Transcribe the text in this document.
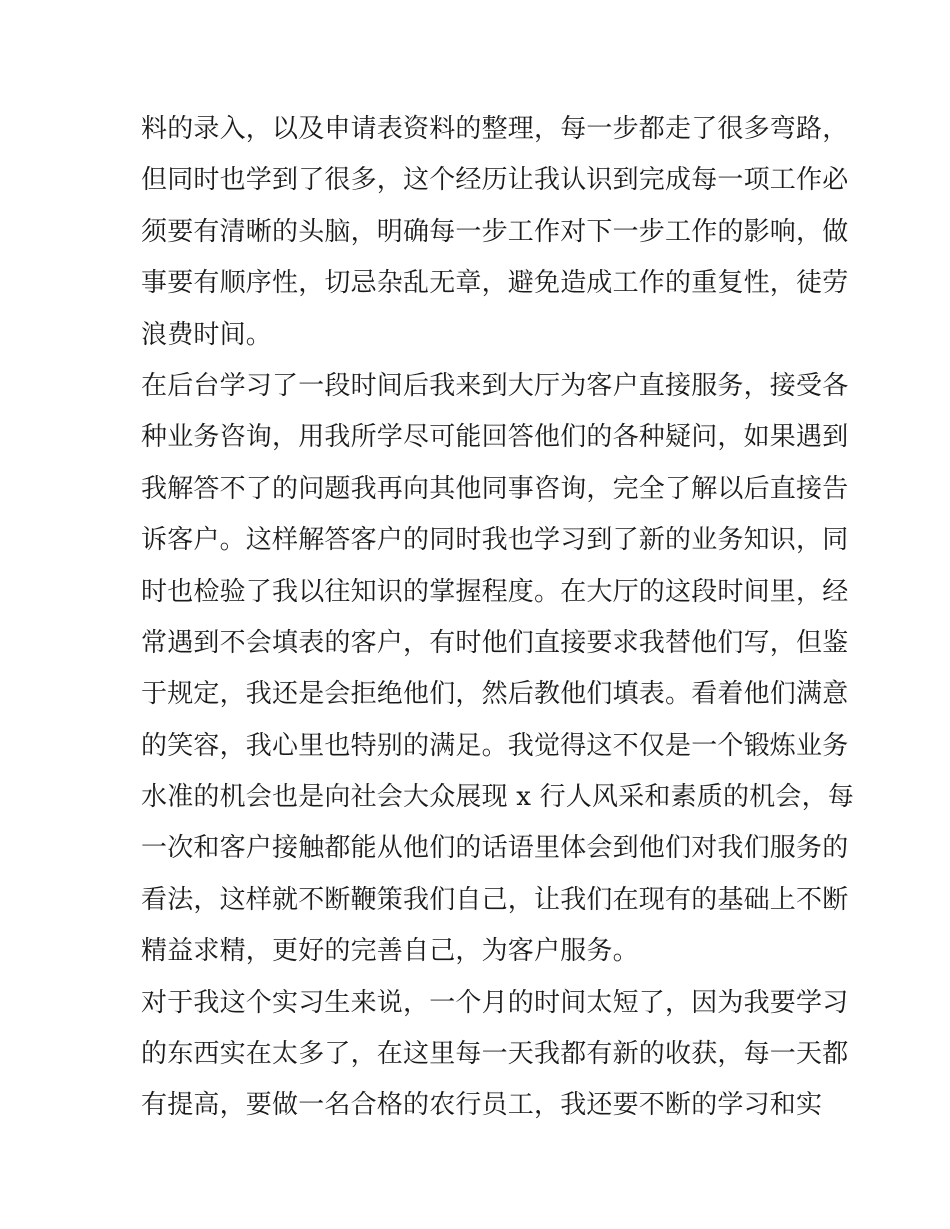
料的录入，以及申请表资料的整理，每一步都走了很多弯路，
但同时也学到了很多，这个经历让我认识到完成每一项工作必
须要有清晰的头脑，明确每一步工作对下一步工作的影响，做
事要有顺序性，切忌杂乱无章，避免造成工作的重复性，徒劳
浪费时间。
在后台学习了一段时间后我来到大厅为客户直接服务，接受各
种业务咨询，用我所学尽可能回答他们的各种疑问，如果遇到
我解答不了的问题我再向其他同事咨询，完全了解以后直接告
诉客户。这样解答客户的同时我也学习到了新的业务知识，同
时也检验了我以往知识的掌握程度。在大厅的这段时间里，经
常遇到不会填表的客户，有时他们直接要求我替他们写，但鉴
于规定，我还是会拒绝他们，然后教他们填表。看着他们满意
的笑容，我心里也特别的满足。我觉得这不仅是一个锻炼业务
水准的机会也是向社会大众展现 x 行人风采和素质的机会，每
一次和客户接触都能从他们的话语里体会到他们对我们服务的
看法，这样就不断鞭策我们自己，让我们在现有的基础上不断
精益求精，更好的完善自己，为客户服务。
对于我这个实习生来说，一个月的时间太短了，因为我要学习
的东西实在太多了，在这里每一天我都有新的收获，每一天都
有提高，要做一名合格的农行员工，我还要不断的学习和实
